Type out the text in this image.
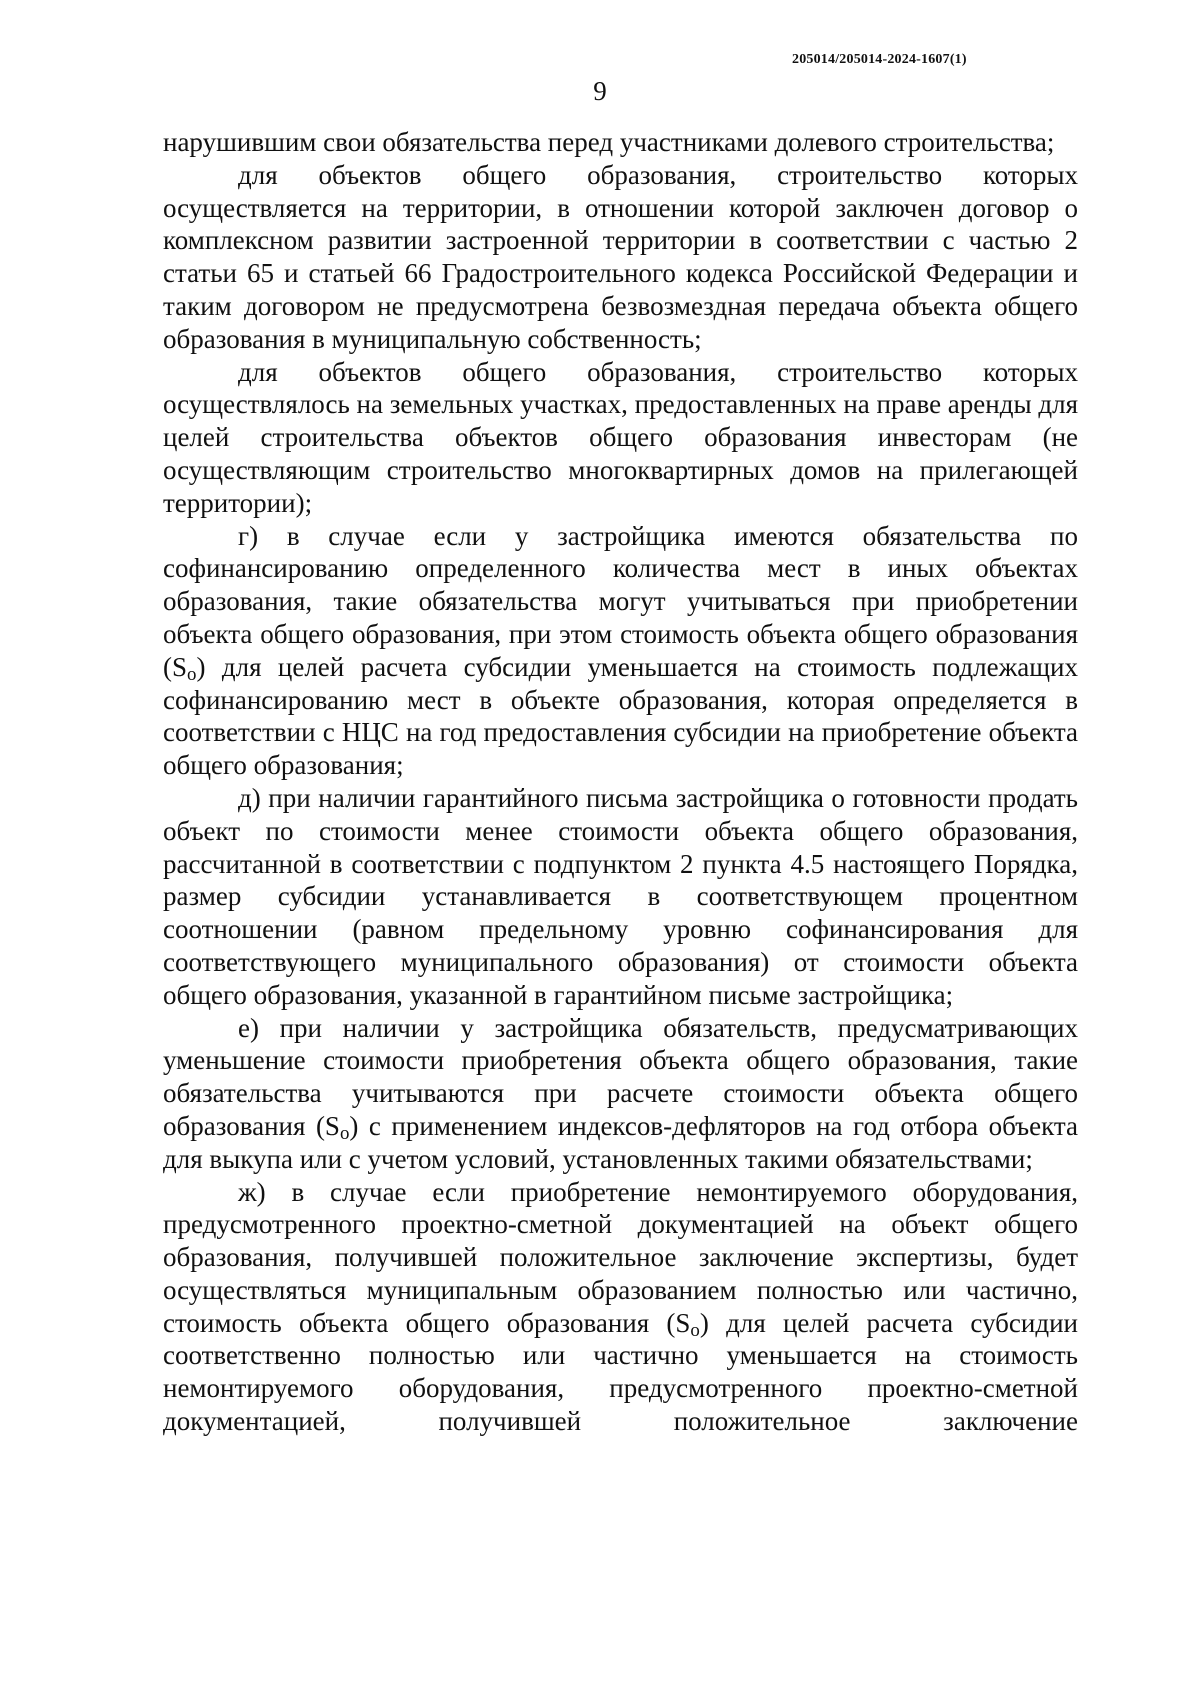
205014/205014-2024-1607(1)
9

нарушившим свои обязательства перед участниками долевого строительства;

для объектов общего образования, строительство которых осуществляется на территории, в отношении которой заключен договор о комплексном развитии застроенной территории в соответствии с частью 2 статьи 65 и статьей 66 Градостроительного кодекса Российской Федерации и таким договором не предусмотрена безвозмездная передача объекта общего образования в муниципальную собственность;

для объектов общего образования, строительство которых осуществлялось на земельных участках, предоставленных на праве аренды для целей строительства объектов общего образования инвесторам (не осуществляющим строительство многоквартирных домов на прилегающей территории);

г) в случае если у застройщика имеются обязательства по софинансированию определенного количества мест в иных объектах образования, такие обязательства могут учитываться при приобретении объекта общего образования, при этом стоимость объекта общего образования $(S_o)$ для целей расчета субсидии уменьшается на стоимость подлежащих софинансированию мест в объекте образования, которая определяется в соответствии с НЦС на год предоставления субсидии на приобретение объекта общего образования;

д) при наличии гарантийного письма застройщика о готовности продать объект по стоимости менее стоимости объекта общего образования, рассчитанной в соответствии с подпунктом 2 пункта 4.5 настоящего Порядка, размер субсидии устанавливается в соответствующем процентном соотношении (равном предельному уровню софинансирования для соответствующего муниципального образования) от стоимости объекта общего образования, указанной в гарантийном письме застройщика;

е) при наличии у застройщика обязательств, предусматривающих уменьшение стоимости приобретения объекта общего образования, такие обязательства учитываются при расчете стоимости объекта общего образования $(S_o)$ с применением индексов-дефляторов на год отбора объекта для выкупа или с учетом условий, установленных такими обязательствами;

ж) в случае если приобретение немонтируемого оборудования, предусмотренного проектно-сметной документацией на объект общего образования, получившей положительное заключение экспертизы, будет осуществляться муниципальным образованием полностью или частично, стоимость объекта общего образования $(S_o)$ для целей расчета субсидии соответственно полностью или частично уменьшается на стоимость немонтируемого оборудования, предусмотренного проектно-сметной документацией, получившей положительное заключение
